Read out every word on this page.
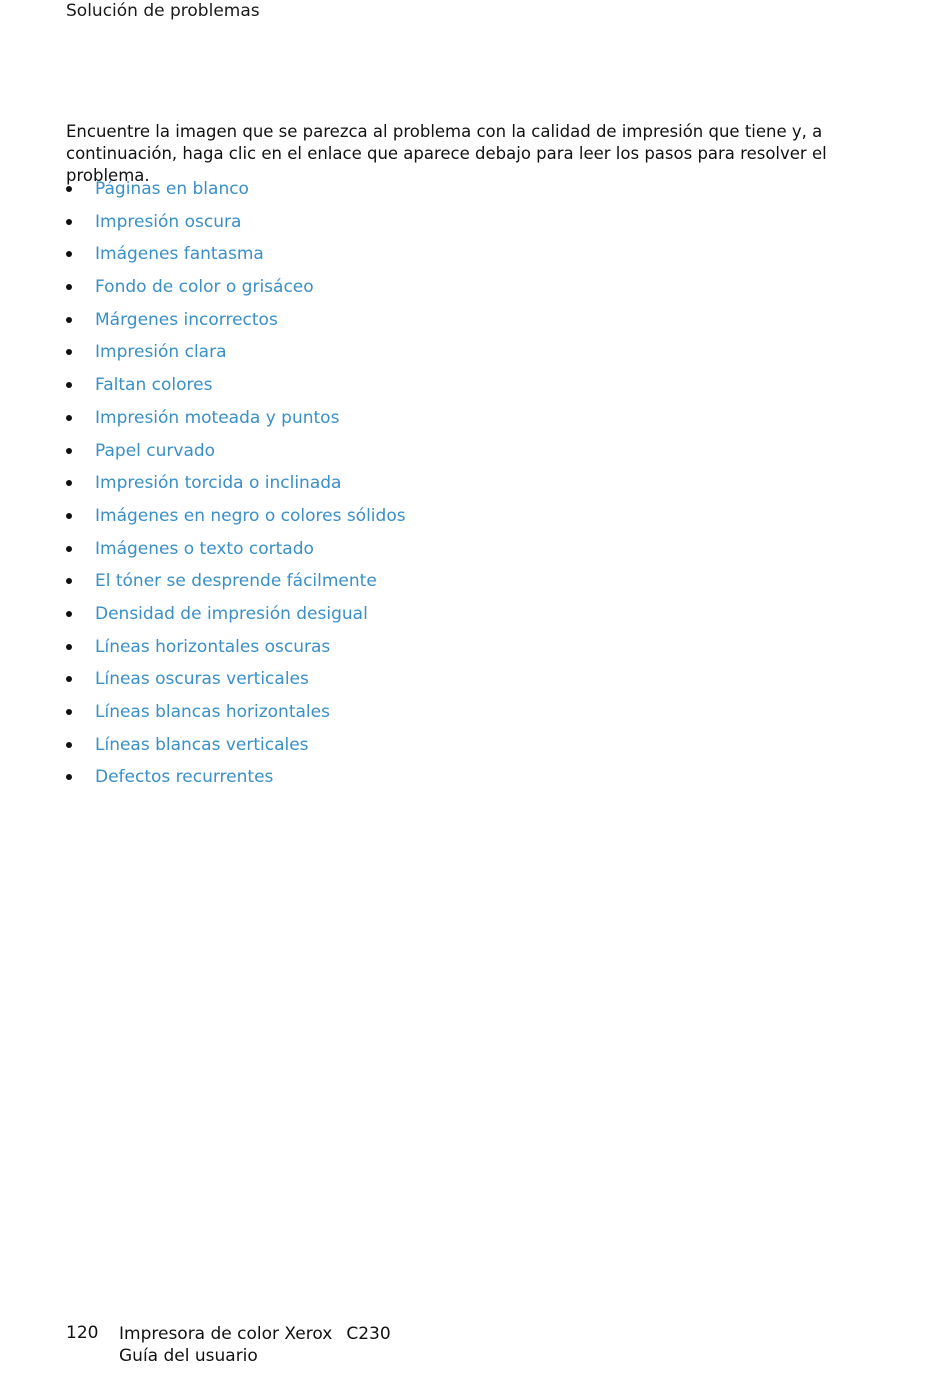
Solución de problemas

Encuentre la imagen que se parezca al problema con la calidad de impresión que tiene y, a continuación, haga clic en el enlace que aparece debajo para leer los pasos para resolver el problema.

Páginas en blanco
Impresión oscura
Imágenes fantasma
Fondo de color o grisáceo
Márgenes incorrectos
Impresión clara
Faltan colores
Impresión moteada y puntos
Papel curvado
Impresión torcida o inclinada
Imágenes en negro o colores sólidos
Imágenes o texto cortado
El tóner se desprende fácilmente
Densidad de impresión desigual
Líneas horizontales oscuras
Líneas oscuras verticales
Líneas blancas horizontales
Líneas blancas verticales
Defectos recurrentes
120 Impresora de color Xerox C230
Guía del usuario
